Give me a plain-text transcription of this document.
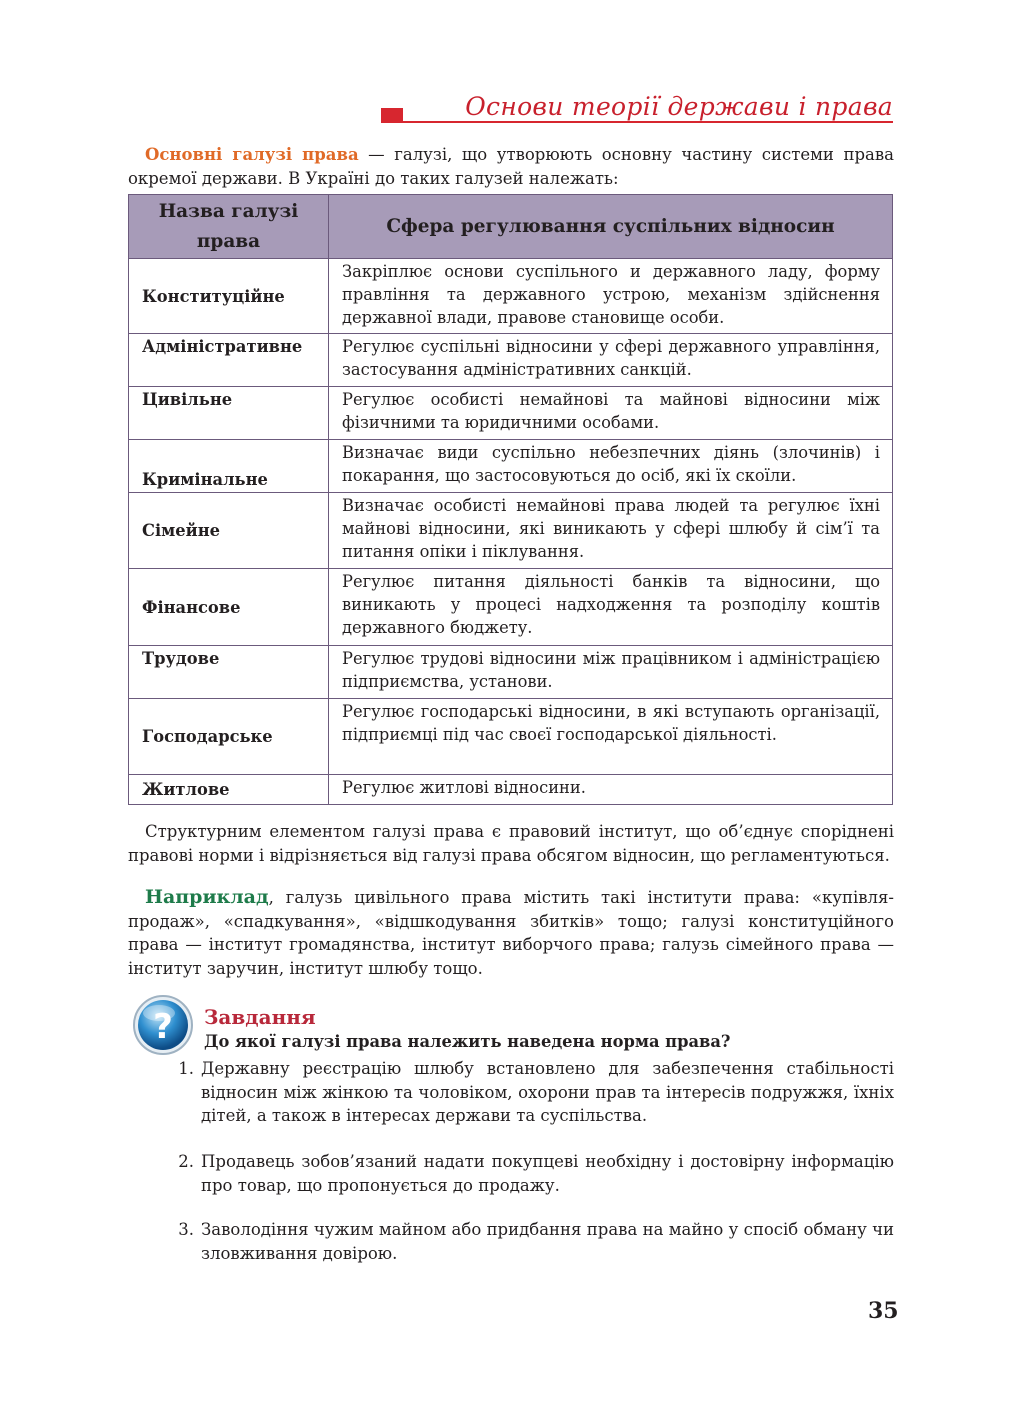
Основи теорії держави і права

Основні галузі права — галузі, що утворюють основну частину системи права окремої держави. В Україні до таких галузей належать:

Назва галузі права	Сфера регулювання суспільних відносин
Конституційне	Закріплює основи суспільного и державного ладу, форму правління та державного устрою, механізм здійснення державної влади, правове становище особи.
Адміністративне	Регулює суспільні відносини у сфері державного управління, застосування адміністративних санкцій.
Цивільне	Регулює особисті немайнові та майнові відносини між фізичними та юридичними особами.
Кримінальне	Визначає види суспільно небезпечних діянь (злочинів) і покарання, що застосовуються до осіб, які їх скоїли.
Сімейне	Визначає особисті немайнові права людей та регулює їхні майнові відносини, які виникають у сфері шлюбу й сім’ї та питання опіки і піклування.
Фінансове	Регулює питання діяльності банків та відносини, що виникають у процесі надходження та розподілу коштів державного бюджету.
Трудове	Регулює трудові відносини між працівником і адміністрацією підприємства, установи.
Господарське	Регулює господарські відносини, в які вступають організації, підприємці під час своєї господарської діяльності.
Житлове	Регулює житлові відносини.

Структурним елементом галузі права є правовий інститут, що об’єднує споріднені правові норми і відрізняється від галузі права обсягом відносин, що регламентуються.

Наприклад, галузь цивільного права містить такі інститути права: «купівля-продаж», «спадкування», «відшкодування збитків» тощо; галузі конституційного права — інститут громадянства, інститут виборчого права; галузь сімейного права — інститут заручин, інститут шлюбу тощо.

? Завдання
До якої галузі права належить наведена норма права?
1. Державну реєстрацію шлюбу встановлено для забезпечення стабільності відносин між жінкою та чоловіком, охорони прав та інтересів подружжя, їхніх дітей, а також в інтересах держави та суспільства.
2. Продавець зобов’язаний надати покупцеві необхідну і достовірну інформацію про товар, що пропонується до продажу.
3. Заволодіння чужим майном або придбання права на майно у спосіб обману чи зловживання довірою.
35
